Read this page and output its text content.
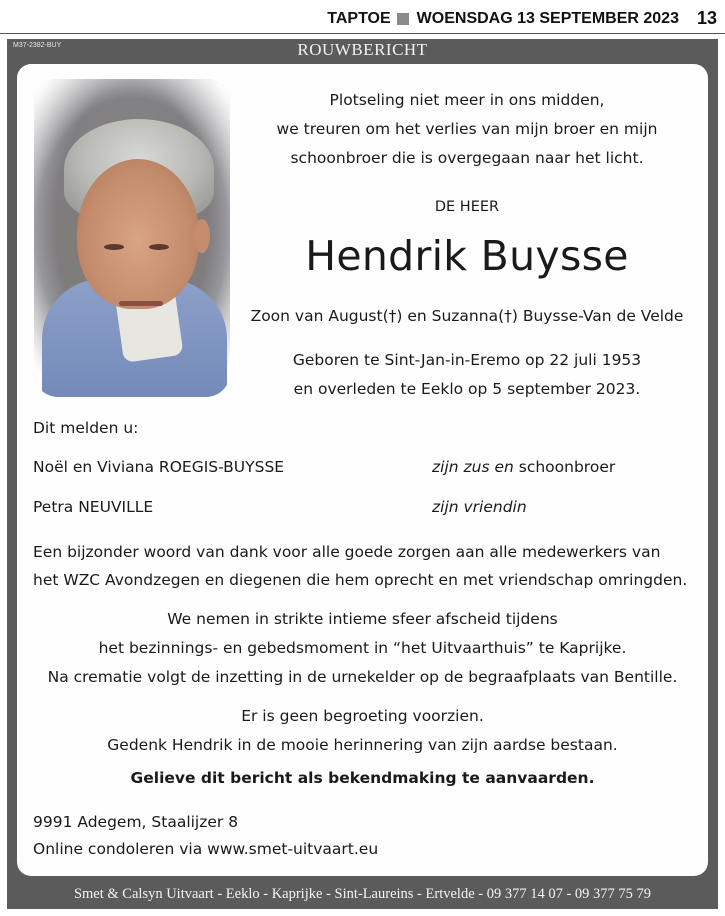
TAPTOE WOENSDAG 13 SEPTEMBER 2023 13
M37-2382-BUY	ROUWBERICHT
Plotseling niet meer in ons midden,
we treuren om het verlies van mijn broer en mijn
schoonbroer die is overgegaan naar het licht.
DE HEER
Hendrik Buysse
Zoon van August(†) en Suzanna(†) Buysse-Van de Velde
Geboren te Sint-Jan-in-Eremo op 22 juli 1953
en overleden te Eeklo op 5 september 2023.
Dit melden u:
Noël en Viviana ROEGIS-BUYSSE	zijn zus en schoonbroer
Petra NEUVILLE	zijn vriendin
Een bijzonder woord van dank voor alle goede zorgen aan alle medewerkers van
het WZC Avondzegen en diegenen die hem oprecht en met vriendschap omringden.
We nemen in strikte intieme sfeer afscheid tijdens
het bezinnings- en gebedsmoment in “het Uitvaarthuis” te Kaprijke.
Na crematie volgt de inzetting in de urnekelder op de begraafplaats van Bentille.
Er is geen begroeting voorzien.
Gedenk Hendrik in de mooie herinnering van zijn aardse bestaan.
Gelieve dit bericht als bekendmaking te aanvaarden.
9991 Adegem, Staalijzer 8
Online condoleren via www.smet-uitvaart.eu
Smet & Calsyn Uitvaart - Eeklo - Kaprijke - Sint-Laureins - Ertvelde - 09 377 14 07 - 09 377 75 79
